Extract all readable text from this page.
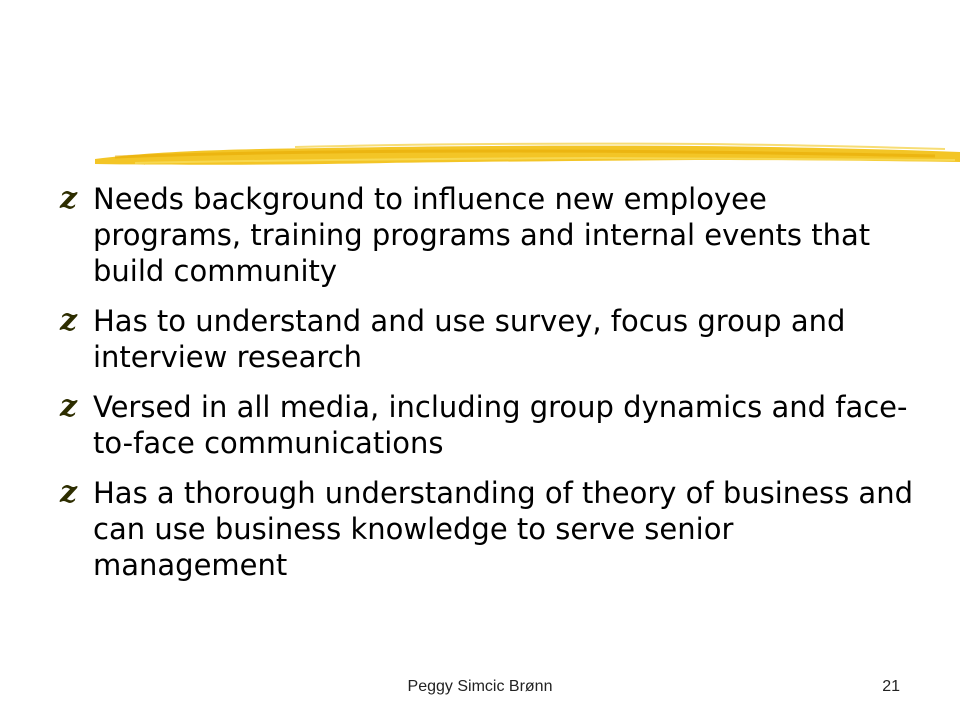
z Needs background to influence new employee programs, training programs and internal events that build community
z Has to understand and use survey, focus group and interview research
z Versed in all media, including group dynamics and face-to-face communications
z Has a thorough understanding of theory of business and can use business knowledge to serve senior management
Peggy Simcic Brønn	21
